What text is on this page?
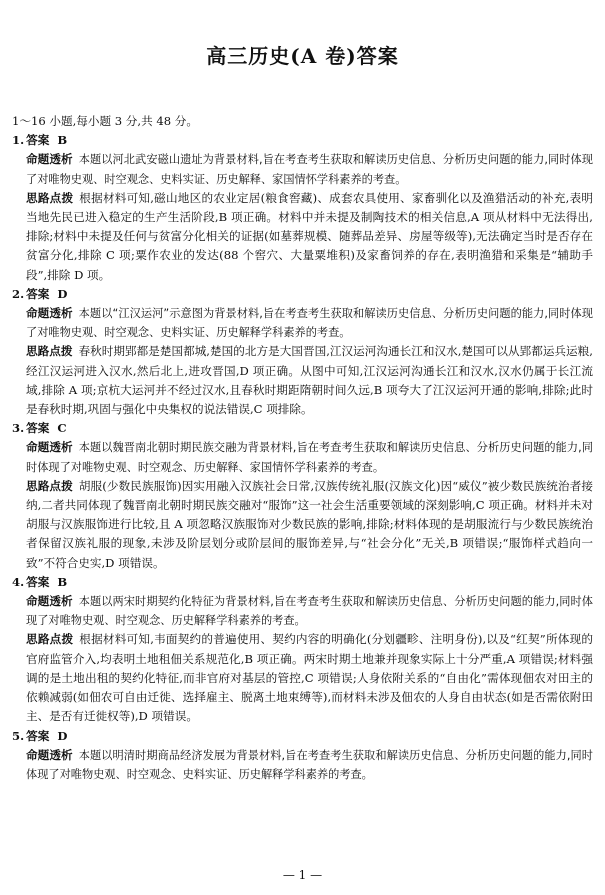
高三历史(A 卷)答案
1～16 小题,每小题 3 分,共 48 分。
1. 答案 B
命题透析 本题以河北武安磁山遗址为背景材料,旨在考查考生获取和解读历史信息、分析历史问题的能力,同时体现了对唯物史观、时空观念、史料实证、历史解释、家国情怀学科素养的考查。
思路点拨 根据材料可知,磁山地区的农业定居(粮食窖藏)、成套农具使用、家畜驯化以及渔猎活动的补充,表明当地先民已进入稳定的生产生活阶段,B 项正确。材料中并未提及制陶技术的相关信息,A 项从材料中无法得出,排除;材料中未提及任何与贫富分化相关的证据(如墓葬规模、随葬品差异、房屋等级等),无法确定当时是否存在贫富分化,排除 C 项;粟作农业的发达(88 个窖穴、大量粟堆积)及家畜饲养的存在,表明渔猎和采集是“辅助手段”,排除 D 项。
2. 答案 D
命题透析 本题以“江汉运河”示意图为背景材料,旨在考查考生获取和解读历史信息、分析历史问题的能力,同时体现了对唯物史观、时空观念、史料实证、历史解释学科素养的考查。
思路点拨 春秋时期郢都是楚国都城,楚国的北方是大国晋国,江汉运河沟通长江和汉水,楚国可以从郢都运兵运粮,经江汉运河进入汉水,然后北上,进攻晋国,D 项正确。从图中可知,江汉运河沟通长江和汉水,汉水仍属于长江流域,排除 A 项;京杭大运河并不经过汉水,且春秋时期距隋朝时间久远,B 项夸大了江汉运河开通的影响,排除;此时是春秋时期,巩固与强化中央集权的说法错误,C 项排除。
3. 答案 C
命题透析 本题以魏晋南北朝时期民族交融为背景材料,旨在考查考生获取和解读历史信息、分析历史问题的能力,同时体现了对唯物史观、时空观念、历史解释、家国情怀学科素养的考查。
思路点拨 胡服(少数民族服饰)因实用融入汉族社会日常,汉族传统礼服(汉族文化)因“威仪”被少数民族统治者接纳,二者共同体现了魏晋南北朝时期民族交融对“服饰”这一社会生活重要领域的深刻影响,C 项正确。材料并未对胡服与汉族服饰进行比较,且 A 项忽略汉族服饰对少数民族的影响,排除;材料体现的是胡服流行与少数民族统治者保留汉族礼服的现象,未涉及阶层划分或阶层间的服饰差异,与“社会分化”无关,B 项错误;“服饰样式趋向一致”不符合史实,D 项错误。
4. 答案 B
命题透析 本题以两宋时期契约化特征为背景材料,旨在考查考生获取和解读历史信息、分析历史问题的能力,同时体现了对唯物史观、时空观念、历史解释学科素养的考查。
思路点拨 根据材料可知,韦面契约的普遍使用、契约内容的明确化(分划疆畛、注明身份),以及“红契”所体现的官府监管介入,均表明土地租佃关系规范化,B 项正确。两宋时期土地兼并现象实际上十分严重,A 项错误;材料强调的是土地出租的契约化特征,而非官府对基层的管控,C 项错误;人身依附关系的“自由化”需体现佃农对田主的依赖减弱(如佃农可自由迁徙、选择雇主、脱离土地束缚等),而材料未涉及佃农的人身自由状态(如是否需依附田主、是否有迁徙权等),D 项错误。
5. 答案 D
命题透析 本题以明清时期商品经济发展为背景材料,旨在考查考生获取和解读历史信息、分析历史问题的能力,同时体现了对唯物史观、时空观念、史料实证、历史解释学科素养的考查。
— 1 —
